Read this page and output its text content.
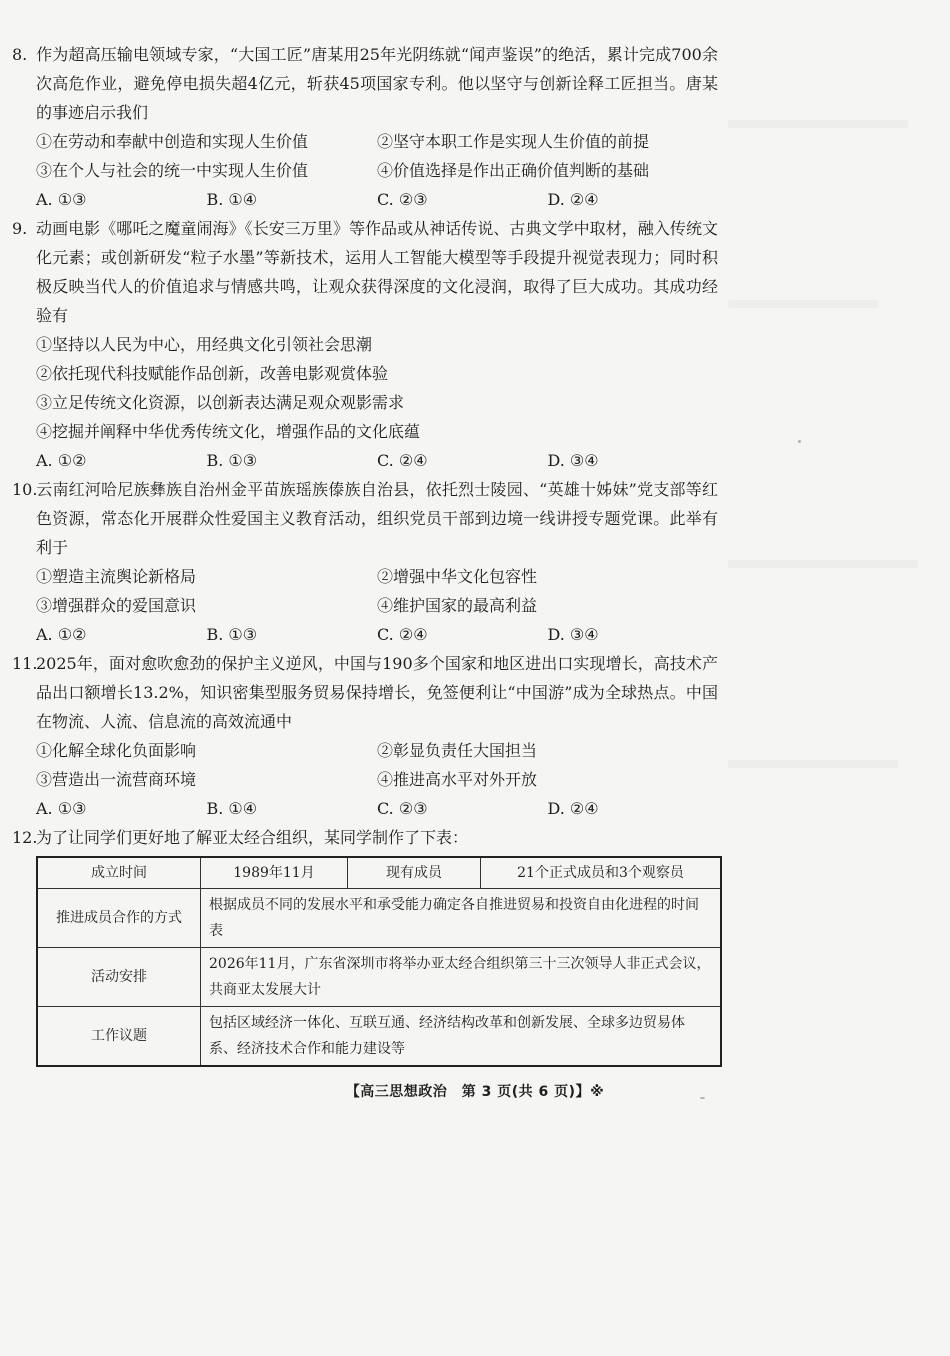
8. 作为超高压输电领域专家，“大国工匠”唐某用25年光阴练就“闻声鉴误”的绝活，累计完成700余次高危作业，避免停电损失超4亿元，斩获45项国家专利。他以坚守与创新诠释工匠担当。唐某的事迹启示我们

①在劳动和奉献中创造和实现人生价值	②坚守本职工作是实现人生价值的前提
③在个人与社会的统一中实现人生价值	④价值选择是作出正确价值判断的基础
A. ①③	B. ①④	C. ②③	D. ②④

9. 动画电影《哪吒之魔童闹海》《长安三万里》等作品或从神话传说、古典文学中取材，融入传统文化元素；或创新研发“粒子水墨”等新技术，运用人工智能大模型等手段提升视觉表现力；同时积极反映当代人的价值追求与情感共鸣，让观众获得深度的文化浸润，取得了巨大成功。其成功经验有

①坚持以人民为中心，用经典文化引领社会思潮
②依托现代科技赋能作品创新，改善电影观赏体验
③立足传统文化资源，以创新表达满足观众观影需求
④挖掘并阐释中华优秀传统文化，增强作品的文化底蕴
A. ①②	B. ①③	C. ②④	D. ③④

10.云南红河哈尼族彝族自治州金平苗族瑶族傣族自治县，依托烈士陵园、“英雄十姊妹”党支部等红色资源，常态化开展群众性爱国主义教育活动，组织党员干部到边境一线讲授专题党课。此举有利于

①塑造主流舆论新格局	②增强中华文化包容性
③增强群众的爱国意识	④维护国家的最高利益
A. ①②	B. ①③	C. ②④	D. ③④

11.2025年，面对愈吹愈劲的保护主义逆风，中国与190多个国家和地区进出口实现增长，高技术产品出口额增长13.2%，知识密集型服务贸易保持增长，免签便利让“中国游”成为全球热点。中国在物流、人流、信息流的高效流通中

①化解全球化负面影响	②彰显负责任大国担当
③营造出一流营商环境	④推进高水平对外开放
A. ①③	B. ①④	C. ②③	D. ②④

12.为了让同学们更好地了解亚太经合组织，某同学制作了下表：

成立时间	1989年11月	现有成员	21个正式成员和3个观察员
推进成员合作的方式	根据成员不同的发展水平和承受能力确定各自推进贸易和投资自由化进程的时间表		
活动安排	2026年11月，广东省深圳市将举办亚太经合组织第三十三次领导人非正式会议，共商亚太发展大计		
工作议题	包括区域经济一体化、互联互通、经济结构改革和创新发展、全球多边贸易体系、经济技术合作和能力建设等		
【高三思想政治　第 3 页(共 6 页)】※
